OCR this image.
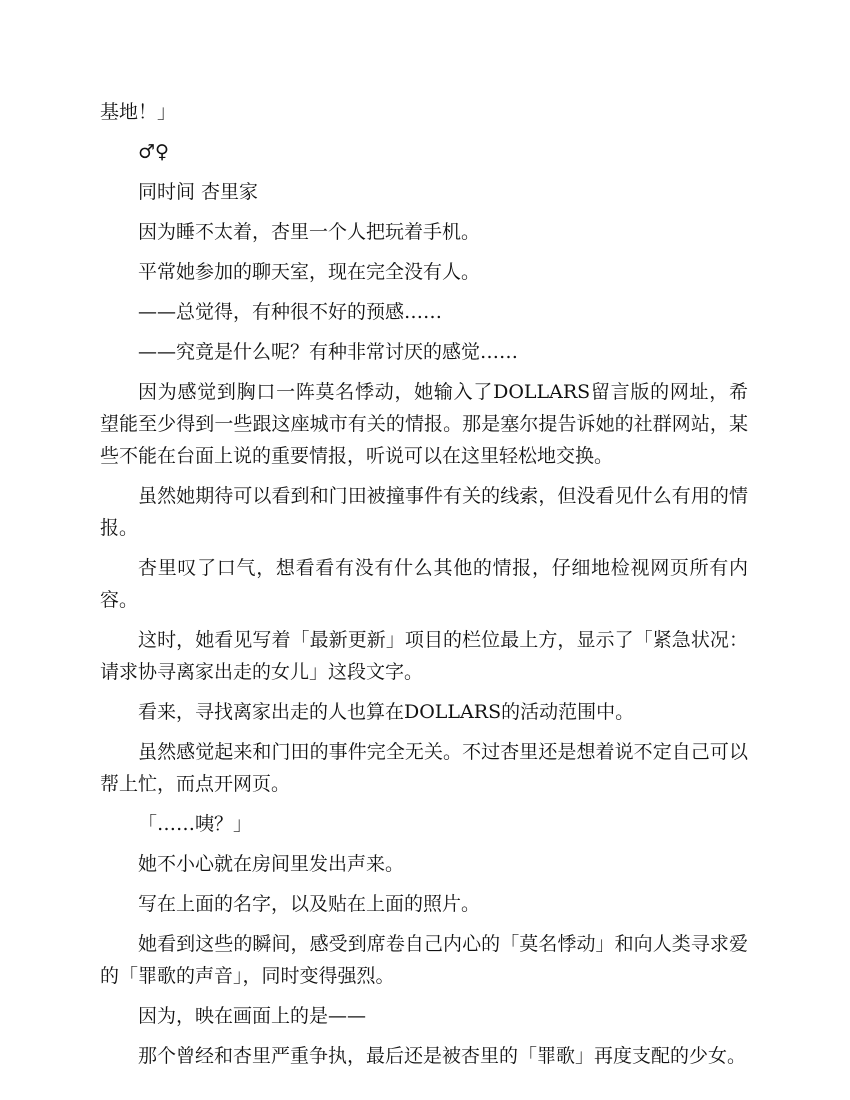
基地！」

♂♀

同时间 杏里家

因为睡不太着，杏里一个人把玩着手机。

平常她参加的聊天室，现在完全没有人。

——总觉得，有种很不好的预感……

——究竟是什么呢？有种非常讨厌的感觉……

因为感觉到胸口一阵莫名悸动，她输入了DOLLARS留言版的网址，希望能至少得到一些跟这座城市有关的情报。那是塞尔提告诉她的社群网站，某些不能在台面上说的重要情报，听说可以在这里轻松地交换。

虽然她期待可以看到和门田被撞事件有关的线索，但没看见什么有用的情报。

杏里叹了口气，想看看有没有什么其他的情报，仔细地检视网页所有内容。

这时，她看见写着「最新更新」项目的栏位最上方，显示了「紧急状况：请求协寻离家出走的女儿」这段文字。

看来，寻找离家出走的人也算在DOLLARS的活动范围中。

虽然感觉起来和门田的事件完全无关。不过杏里还是想着说不定自己可以帮上忙，而点开网页。

「……咦？」

她不小心就在房间里发出声来。

写在上面的名字，以及贴在上面的照片。

她看到这些的瞬间，感受到席卷自己内心的「莫名悸动」和向人类寻求爱的「罪歌的声音」，同时变得强烈。

因为，映在画面上的是——

那个曾经和杏里严重争执，最后还是被杏里的「罪歌」再度支配的少女。
